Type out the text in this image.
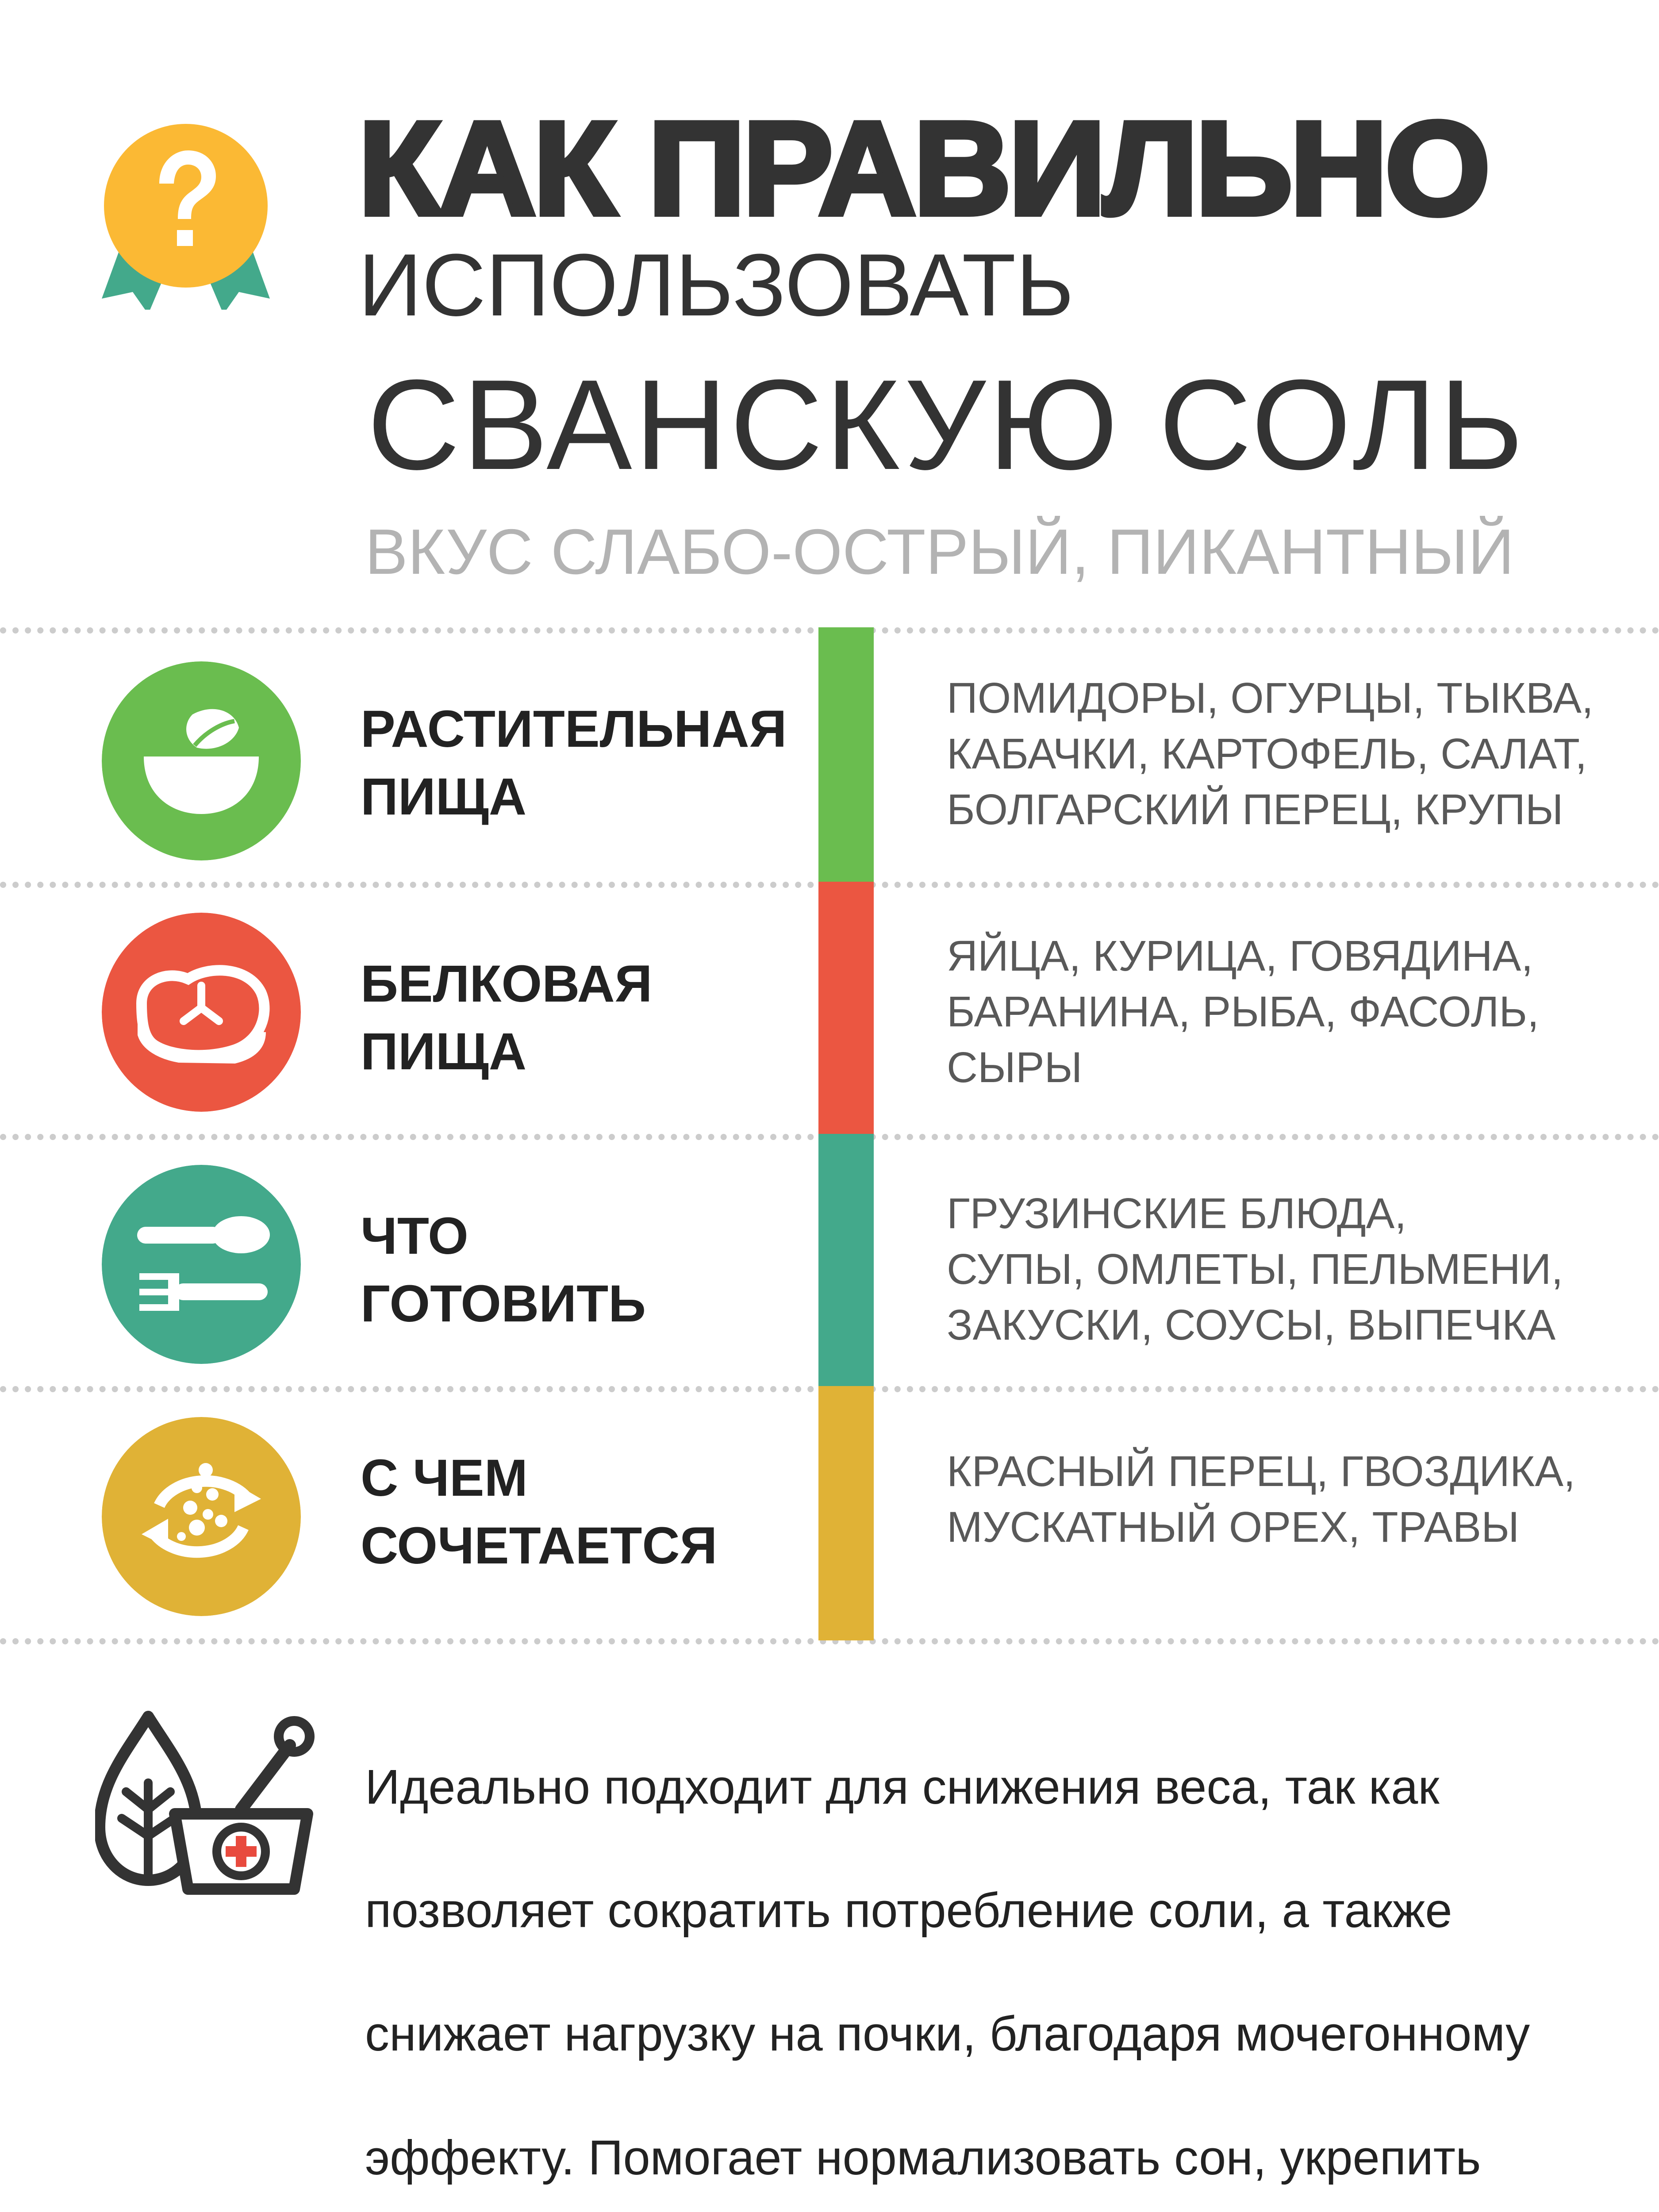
КАК ПРАВИЛЬНО
ИСПОЛЬЗОВАТЬ
СВАНСКУЮ СОЛЬ
ВКУС СЛАБО-ОСТРЫЙ, ПИКАНТНЫЙ
РАСТИТЕЛЬНАЯ
ПИЩА
ПОМИДОРЫ, ОГУРЦЫ, ТЫКВА,
КАБАЧКИ, КАРТОФЕЛЬ, САЛАТ,
БОЛГАРСКИЙ ПЕРЕЦ, КРУПЫ
БЕЛКОВАЯ
ПИЩА
ЯЙЦА, КУРИЦА, ГОВЯДИНА,
БАРАНИНА, РЫБА, ФАСОЛЬ,
СЫРЫ
ЧТО
ГОТОВИТЬ
ГРУЗИНСКИЕ БЛЮДА,
СУПЫ, ОМЛЕТЫ, ПЕЛЬМЕНИ,
ЗАКУСКИ, СОУСЫ, ВЫПЕЧКА
С ЧЕМ
СОЧЕТАЕТСЯ
КРАСНЫЙ ПЕРЕЦ, ГВОЗДИКА,
МУСКАТНЫЙ ОРЕХ, ТРАВЫ

Идеально подходит для снижения веса, так как

позволяет сократить потребление соли, а также

снижает нагрузку на почки, благодаря мочегонному

эффекту. Помогает нормализовать сон, укрепить
